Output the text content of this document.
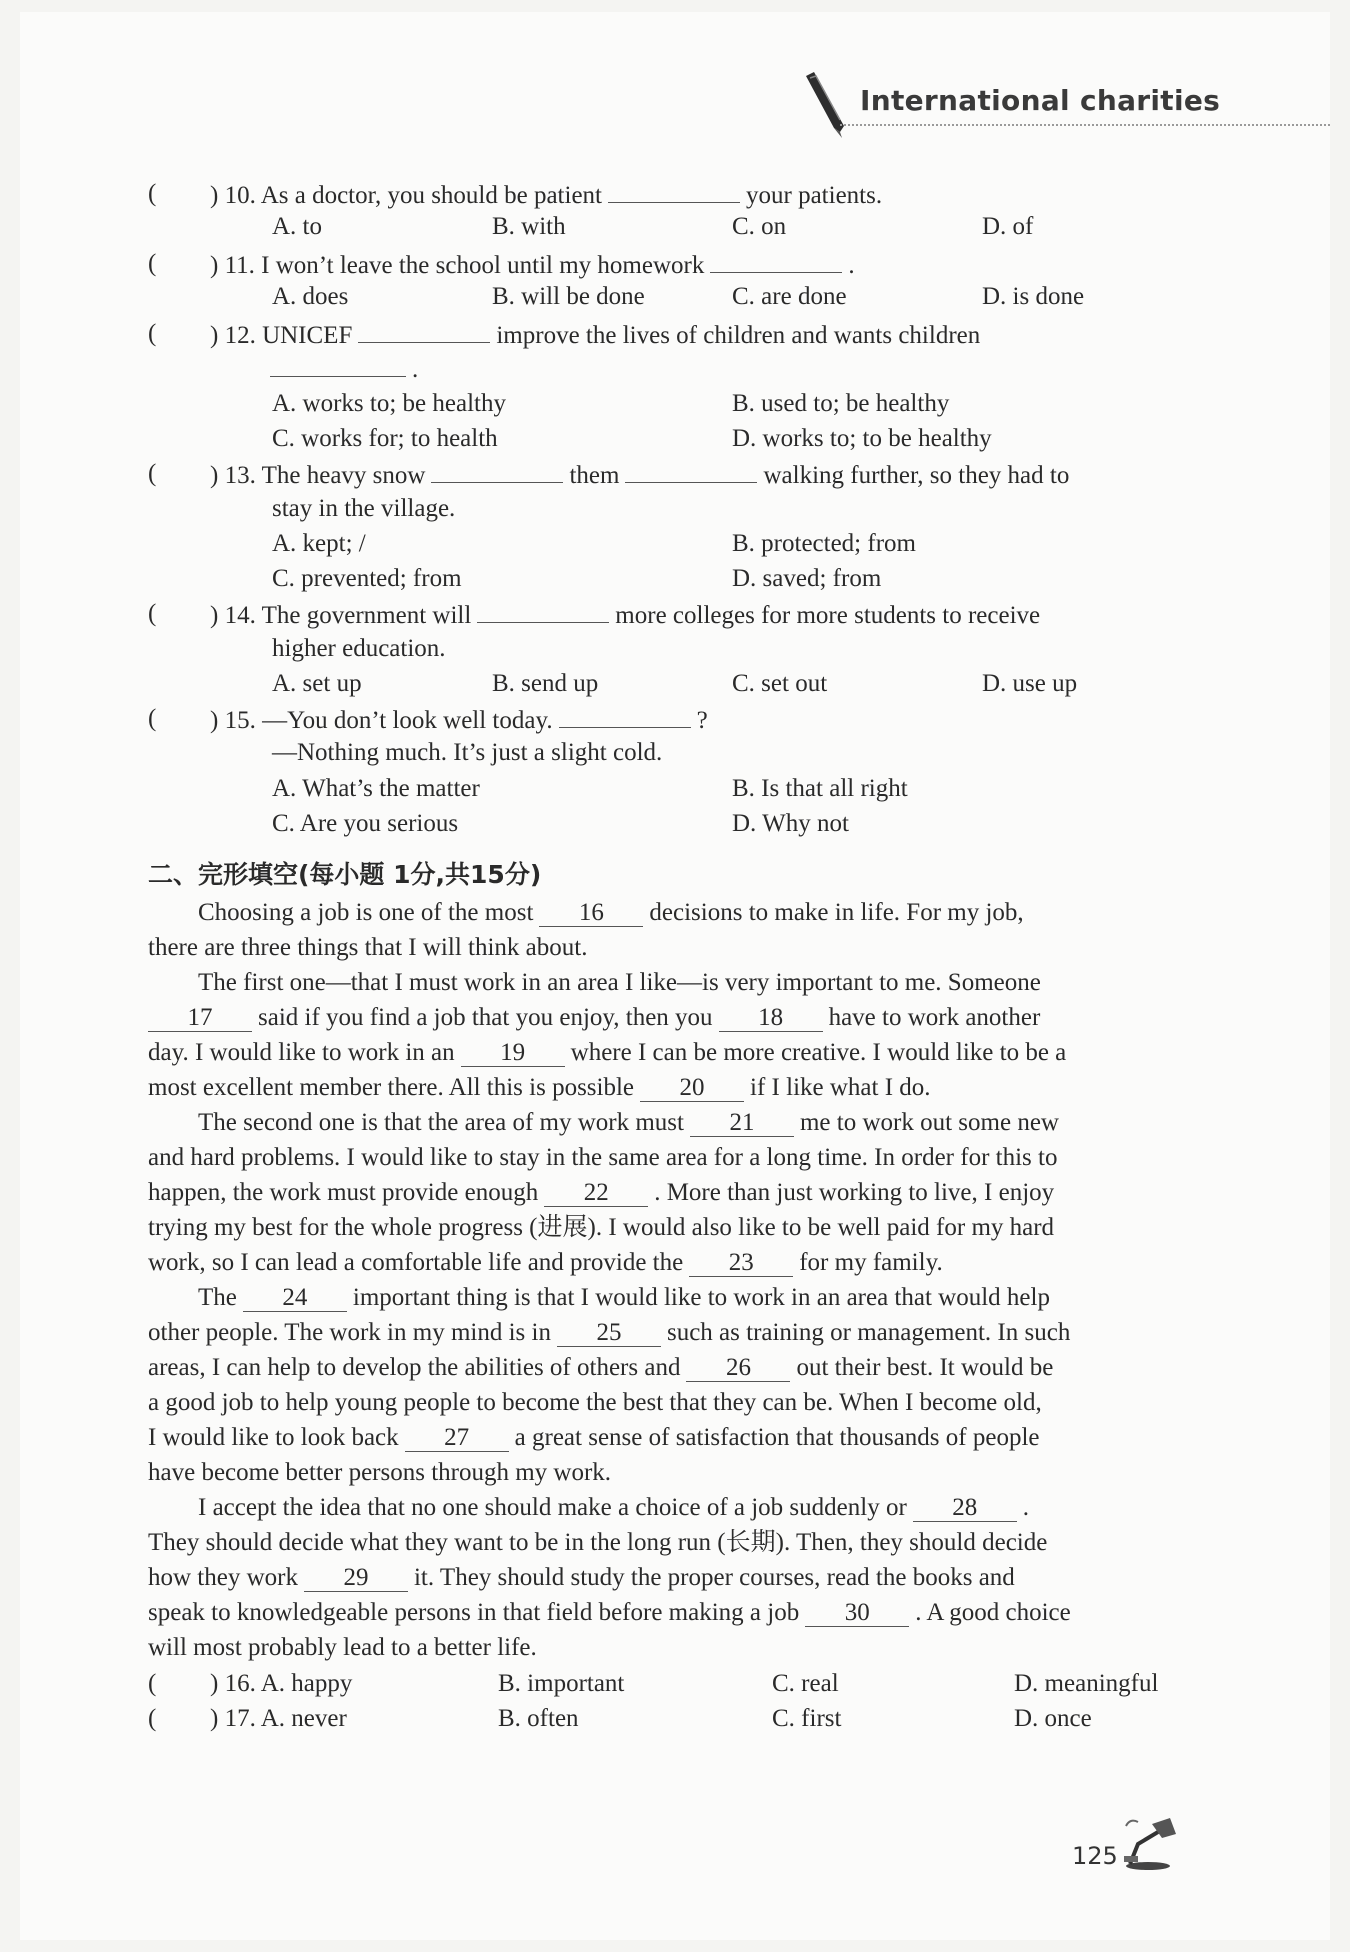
International charities
( ) 10. As a doctor, you should be patient	your patients.
A. to	B. with	C. on	D. of
( ) 11. I won’t leave the school until my homework	.
A. does	B. will be done	C. are done	D. is done
( ) 12. UNICEF	improve the lives of children and wants children
.
A. works to; be healthy	B. used to; be healthy
C. works for; to health	D. works to; to be healthy
( ) 13. The heavy snow	them	walking further, so they had to
stay in the village.
A. kept; /	B. protected; from
C. prevented; from	D. saved; from
( ) 14. The government will	more colleges for more students to receive
higher education.
A. set up	B. send up	C. set out	D. use up
( ) 15. —You don’t look well today.	?
—Nothing much. It’s just a slight cold.
A. What’s the matter	B. Is that all right
C. Are you serious	D. Why not
二、完形填空(每小题 1分,共15分)
Choosing a job is one of the most 16 decisions to make in life. For my job,
there are three things that I will think about.
The first one—that I must work in an area I like—is very important to me. Someone
17 said if you find a job that you enjoy, then you 18 have to work another
day. I would like to work in an 19 where I can be more creative. I would like to be a
most excellent member there. All this is possible 20 if I like what I do.
The second one is that the area of my work must 21 me to work out some new
and hard problems. I would like to stay in the same area for a long time. In order for this to
happen, the work must provide enough 22 . More than just working to live, I enjoy
trying my best for the whole progress (进展). I would also like to be well paid for my hard
work, so I can lead a comfortable life and provide the 23 for my family.
The 24 important thing is that I would like to work in an area that would help
other people. The work in my mind is in 25 such as training or management. In such
areas, I can help to develop the abilities of others and 26 out their best. It would be
a good job to help young people to become the best that they can be. When I become old,
I would like to look back 27 a great sense of satisfaction that thousands of people
have become better persons through my work.
I accept the idea that no one should make a choice of a job suddenly or 28 .
They should decide what they want to be in the long run (长期). Then, they should decide
how they work 29 it. They should study the proper courses, read the books and
speak to knowledgeable persons in that field before making a job 30 . A good choice
will most probably lead to a better life.
( ) 16. A. happy	B. important	C. real	D. meaningful
( ) 17. A. never	B. often	C. first	D. once
125
